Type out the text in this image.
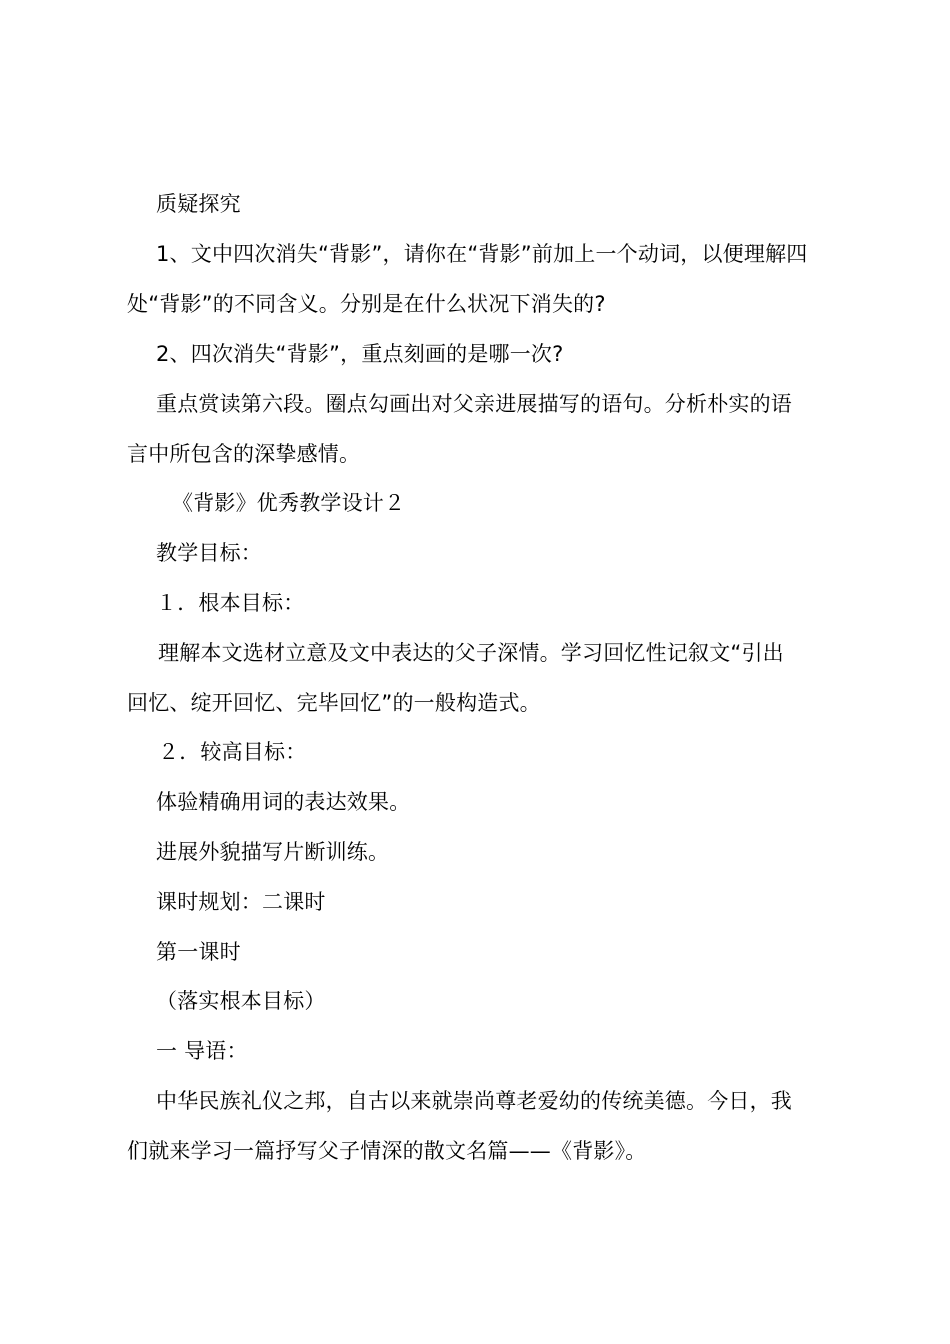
质疑探究
1、文中四次消失“背影”，请你在“背影”前加上一个动词，以便理解四
处“背影”的不同含义。分别是在什么状况下消失的?
2、四次消失“背影”，重点刻画的是哪一次?
重点赏读第六段。圈点勾画出对父亲进展描写的语句。分析朴实的语
言中所包含的深挚感情。
《背影》优秀教学设计２
教学目标：
１．根本目标：
理解本文选材立意及文中表达的父子深情。学习回忆性记叙文“引出
回忆、绽开回忆、完毕回忆”的一般构造式。
２．较高目标：
体验精确用词的表达效果。
进展外貌描写片断训练。
课时规划：二课时
第一课时
（落实根本目标）
一 导语：
中华民族礼仪之邦，自古以来就崇尚尊老爱幼的传统美德。今日，我
们就来学习一篇抒写父子情深的散文名篇——《背影》。
